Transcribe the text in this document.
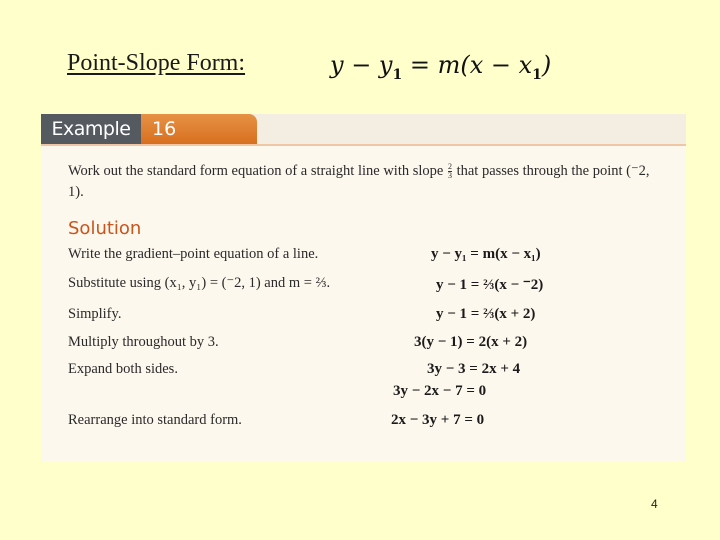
Point-Slope Form:	$y - y_1 = m(x - x_1)$
Example	16
Work out the standard form equation of a straight line with slope $\frac{2}{3}$ that passes through the point (⁻2, 1).
Solution
Write the gradient–point equation of a line.	y − y₁ = m(x − x₁)
Substitute using (x₁, y₁) = (⁻2, 1) and m = ⅔.	y − 1 = ⅔(x − ⁻2)
Simplify.	y − 1 = ⅔(x + 2)
Multiply throughout by 3.	3(y − 1) = 2(x + 2)
Expand both sides.	3y − 3 = 2x + 4
3y − 2x − 7 = 0
Rearrange into standard form.	2x − 3y + 7 = 0
4
